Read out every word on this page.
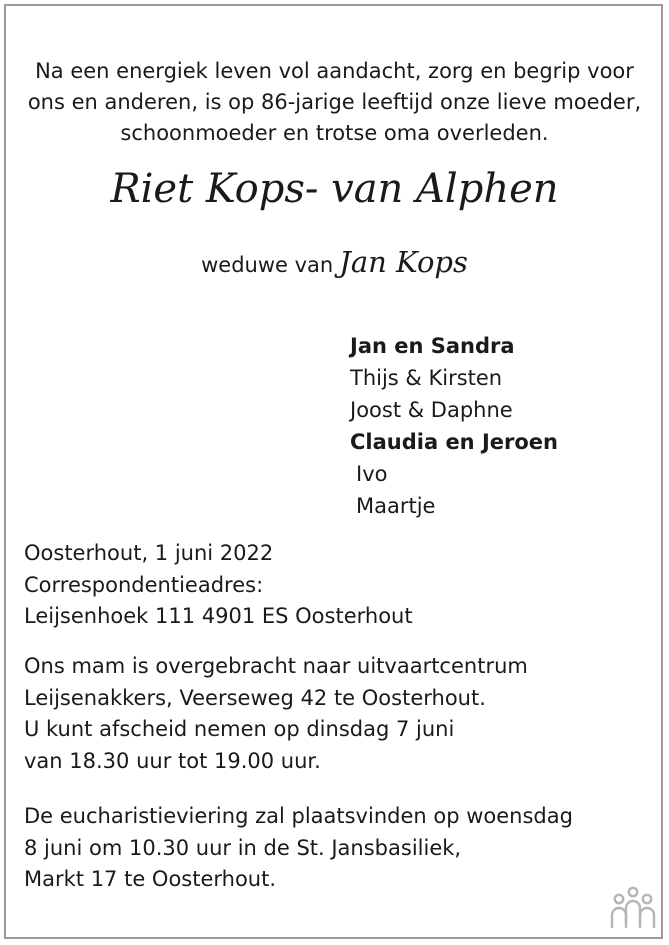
Na een energiek leven vol aandacht, zorg en begrip voor
ons en anderen, is op 86-jarige leeftijd onze lieve moeder,
schoonmoeder en trotse oma overleden.
Riet Kops- van Alphen
weduwe van Jan Kops
Jan en Sandra
Thijs & Kirsten
Joost & Daphne
Claudia en Jeroen
Ivo
Maartje
Oosterhout, 1 juni 2022
Correspondentieadres:
Leijsenhoek 111 4901 ES Oosterhout
Ons mam is overgebracht naar uitvaartcentrum
Leijsenakkers, Veerseweg 42 te Oosterhout.
U kunt afscheid nemen op dinsdag 7 juni
van 18.30 uur tot 19.00 uur.
De eucharistieviering zal plaatsvinden op woensdag
8 juni om 10.30 uur in de St. Jansbasiliek,
Markt 17 te Oosterhout.
